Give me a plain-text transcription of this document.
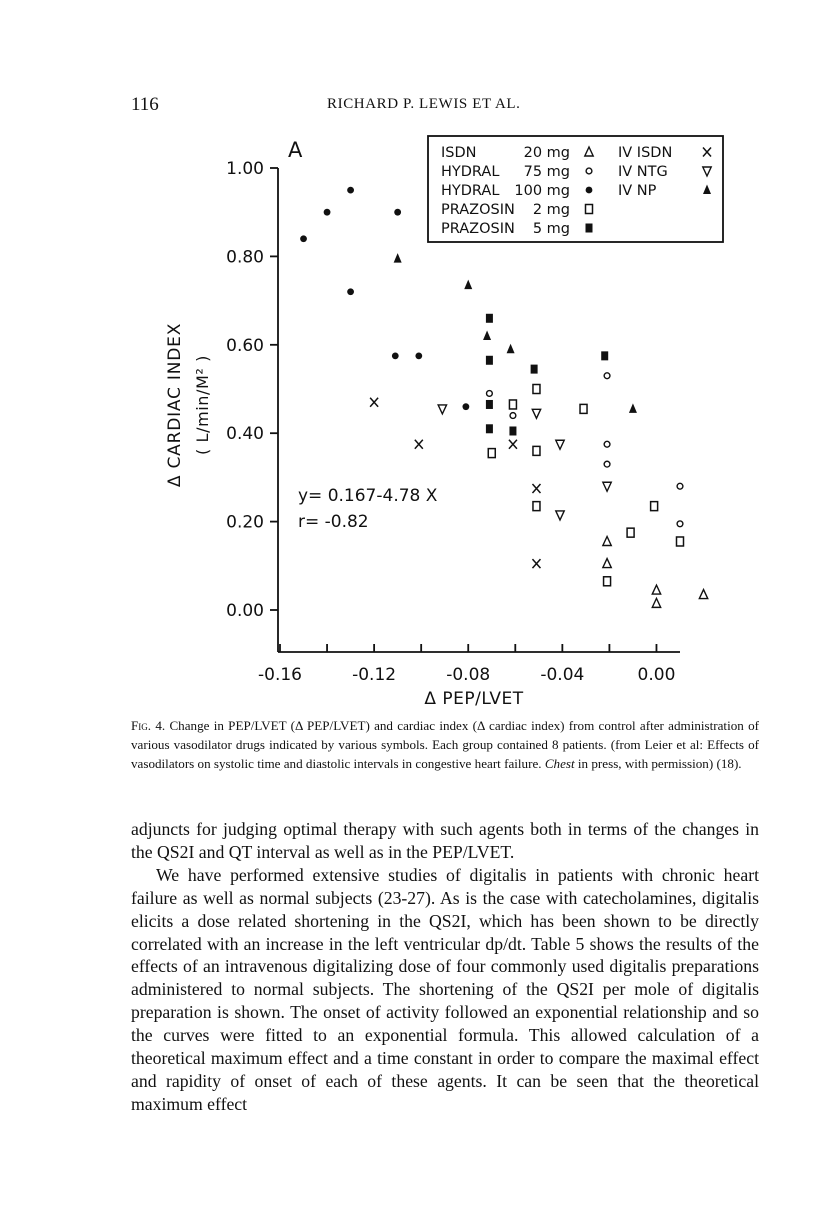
116	RICHARD P. LEWIS ET AL.
1.00
0.80
0.60
0.40
0.20
0.00
-0.16	-0.12	-0.08	-0.04	0.00
A
Δ PEP/LVET
Δ CARDIAC INDEX ( L/min/M² )
y= 0.167-4.78 X
r= -0.82
ISDN	20 mg
HYDRAL 75 mg
HYDRAL 100 mg
PRAZOSIN 2 mg
PRAZOSIN 5 mg
IV ISDN
IV NTG
IV NP
Fig. 4. Change in PEP/LVET (Δ PEP/LVET) and cardiac index (Δ cardiac index) from control after administration of various vasodilator drugs indicated by various symbols. Each group contained 8 patients. (from Leier et al: Effects of vasodilators on systolic time and diastolic intervals in congestive heart failure. Chest in press, with permission) (18).

adjuncts for judging optimal therapy with such agents both in terms of the changes in the QS2I and QT interval as well as in the PEP/LVET.

We have performed extensive studies of digitalis in patients with chronic heart failure as well as normal subjects (23-27). As is the case with catecholamines, digitalis elicits a dose related shortening in the QS2I, which has been shown to be directly correlated with an increase in the left ventricular dp/dt. Table 5 shows the results of the effects of an intravenous digitalizing dose of four commonly used digitalis preparations administered to normal subjects. The shortening of the QS2I per mole of digitalis preparation is shown. The onset of activity followed an exponential relationship and so the curves were fitted to an exponential formula. This allowed calculation of a theoretical maximum effect and a time constant in order to compare the maximal effect and rapidity of onset of each of these agents. It can be seen that the theoretical maximum effect
